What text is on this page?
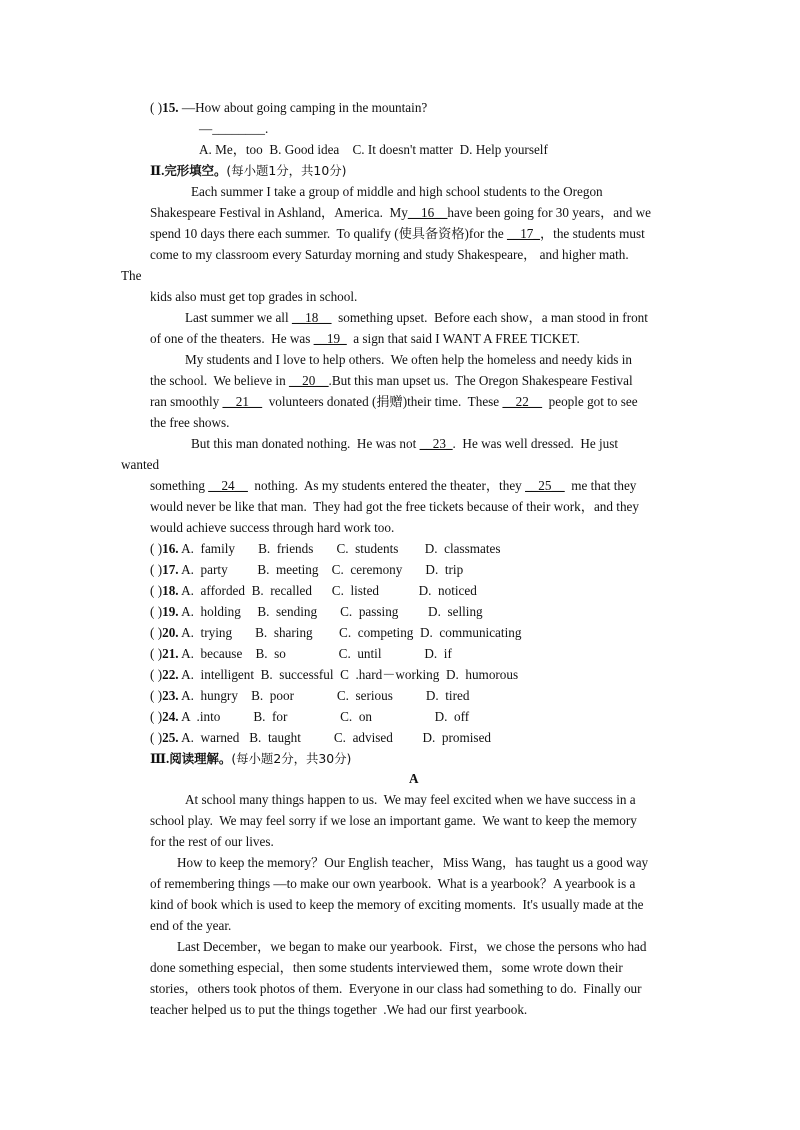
( )15. —How about going camping in the mountain?
—________.
A. Me，too  B. Good idea    C. It doesn't matter  D. Help yourself
Ⅱ.完形填空。(每小题1分，共10分)
Each summer I take a group of middle and high school students to the Oregon
Shakespeare Festival in Ashland，America.  My__16__have been going for 30 years，and we
spend 10 days there each summer.  To qualify (使具备资格)for the __17_，the students must
come to my classroom every Saturday morning and study Shakespeare， and higher math.
The
kids also must get top grades in school.
Last summer we all __18__ something upset.  Before each show，a man stood in front
of one of the theaters.  He was __19_ a sign that said I WANT A FREE TICKET.
My students and I love to help others.  We often help the homeless and needy kids in
the school.  We believe in __20__.But this man upset us.  The Oregon Shakespeare Festival
ran smoothly __21__ volunteers donated (捐赠)their time.  These __22__ people got to see
the free shows.
But this man donated nothing.  He was not __23_.  He was well dressed.  He just
wanted
something __24__ nothing.  As my students entered the theater，they __25__ me that they
would never be like that man.  They had got the free tickets because of their work，and they
would achieve success through hard work too.
( )16. A.  family       B.  friends       C.  students        D.  classmates
( )17. A.  party         B.  meeting    C.  ceremony       D.  trip
( )18. A.  afforded  B.  recalled      C.  listed            D.  noticed
( )19. A.  holding     B.  sending       C.  passing         D.  selling
( )20. A.  trying       B.  sharing        C.  competing  D.  communicating
( )21. A.  because    B.  so                C.  until             D.  if
( )22. A.  intelligent  B.  successful  C  .hard－working  D.  humorous
( )23. A.  hungry    B.  poor             C.  serious          D.  tired
( )24. A  .into          B.  for                C.  on                   D.  off
( )25. A.  warned   B.  taught          C.  advised         D.  promised
Ⅲ.阅读理解。(每小题2分，共30分)
A
At school many things happen to us.  We may feel excited when we have success in a
school play.  We may feel sorry if we lose an important game.  We want to keep the memory
for the rest of our lives.
How to keep the memory？Our English teacher，Miss Wang，has taught us a good way
of remembering things —to make our own yearbook.  What is a yearbook？A yearbook is a
kind of book which is used to keep the memory of exciting moments.  It's usually made at the
end of the year.
Last December，we began to make our yearbook.  First，we chose the persons who had
done something especial，then some students interviewed them，some wrote down their
stories，others took photos of them.  Everyone in our class had something to do.  Finally our
teacher helped us to put the things together  .We had our first yearbook.
